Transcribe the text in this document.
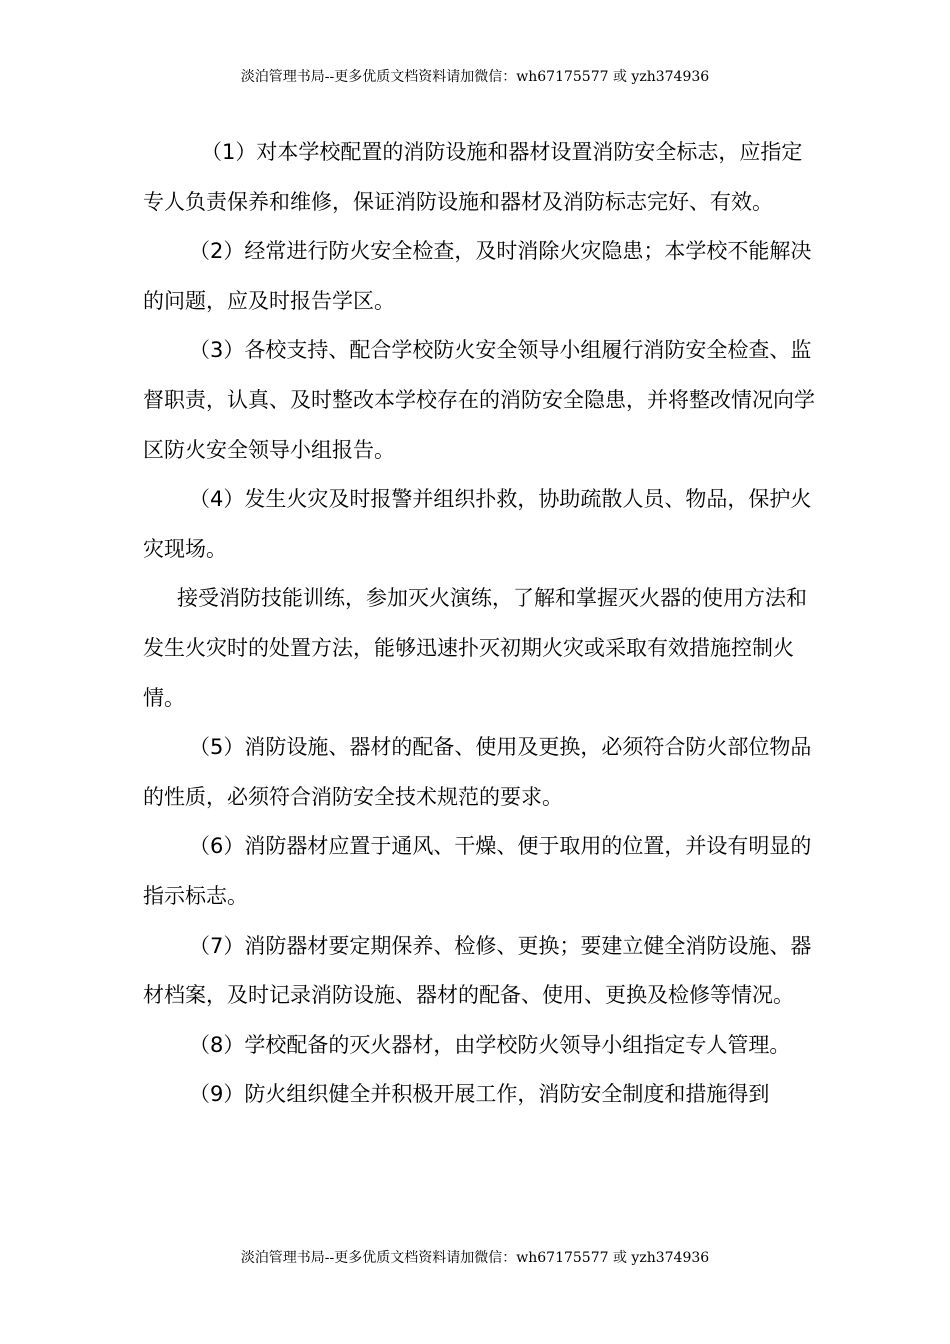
淡泊管理书局--更多优质文档资料请加微信：wh67175577 或 yzh374936

（1）对本学校配置的消防设施和器材设置消防安全标志，应指定专人负责保养和维修，保证消防设施和器材及消防标志完好、有效。

（2）经常进行防火安全检查，及时消除火灾隐患；本学校不能解决的问题，应及时报告学区。

（3）各校支持、配合学校防火安全领导小组履行消防安全检查、监督职责，认真、及时整改本学校存在的消防安全隐患，并将整改情况向学区防火安全领导小组报告。

（4）发生火灾及时报警并组织扑救，协助疏散人员、物品，保护火灾现场。

接受消防技能训练，参加灭火演练，了解和掌握灭火器的使用方法和发生火灾时的处置方法，能够迅速扑灭初期火灾或采取有效措施控制火情。

（5）消防设施、器材的配备、使用及更换，必须符合防火部位物品的性质，必须符合消防安全技术规范的要求。

（6）消防器材应置于通风、干燥、便于取用的位置，并设有明显的指示标志。

（7）消防器材要定期保养、检修、更换；要建立健全消防设施、器材档案，及时记录消防设施、器材的配备、使用、更换及检修等情况。

（8）学校配备的灭火器材，由学校防火领导小组指定专人管理。

（9）防火组织健全并积极开展工作，消防安全制度和措施得到

淡泊管理书局--更多优质文档资料请加微信：wh67175577 或 yzh374936
